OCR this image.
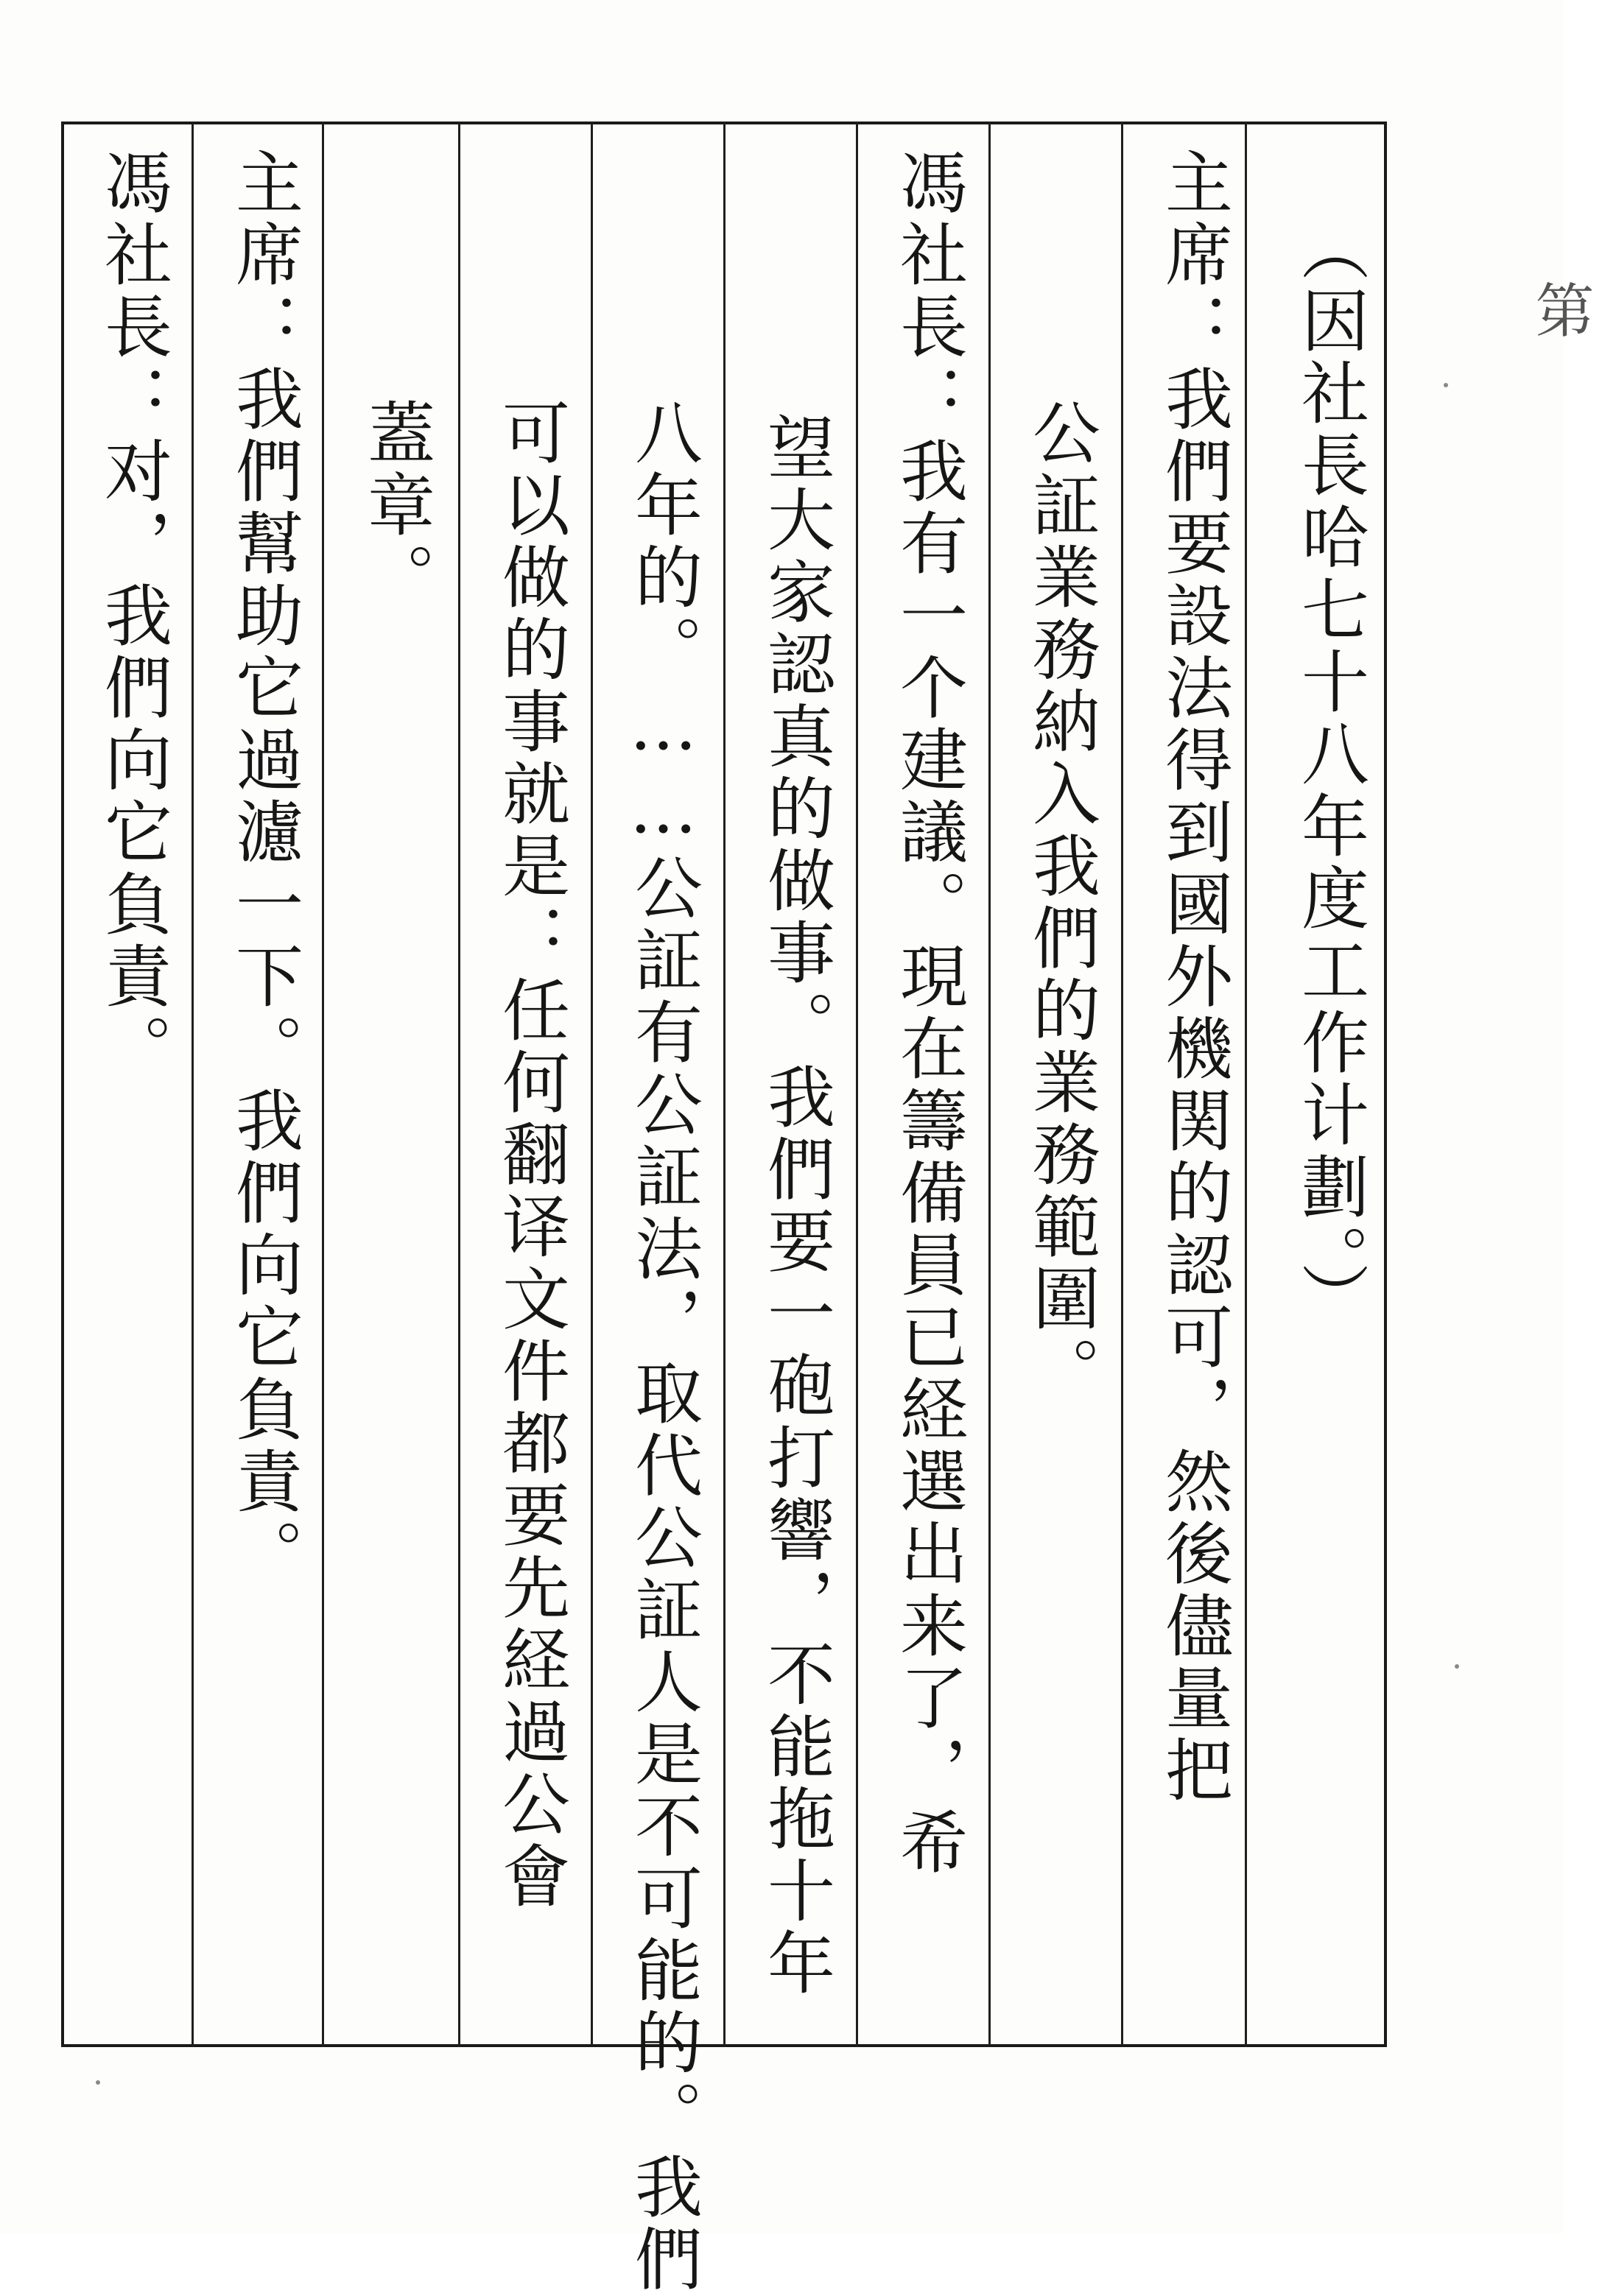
（因社長哈七十八年度工作计劃。）
主席：我們要設法得到國外機関的認可，然後儘量把
公証業務納入我們的業務範圍。
馮社長：我有一个建議。現在籌備員已経選出来了，希
望大家認真的做事。我們要一砲打響，不能拖十年
八年的。……公証有公証法，取代公証人是不可能的。我們
可以做的事就是：任何翻译文件都要先経過公會
蓋章。
主席：我們幫助它過濾一下。我們向它負責。
馮社長：对，我們向它負責。	第
